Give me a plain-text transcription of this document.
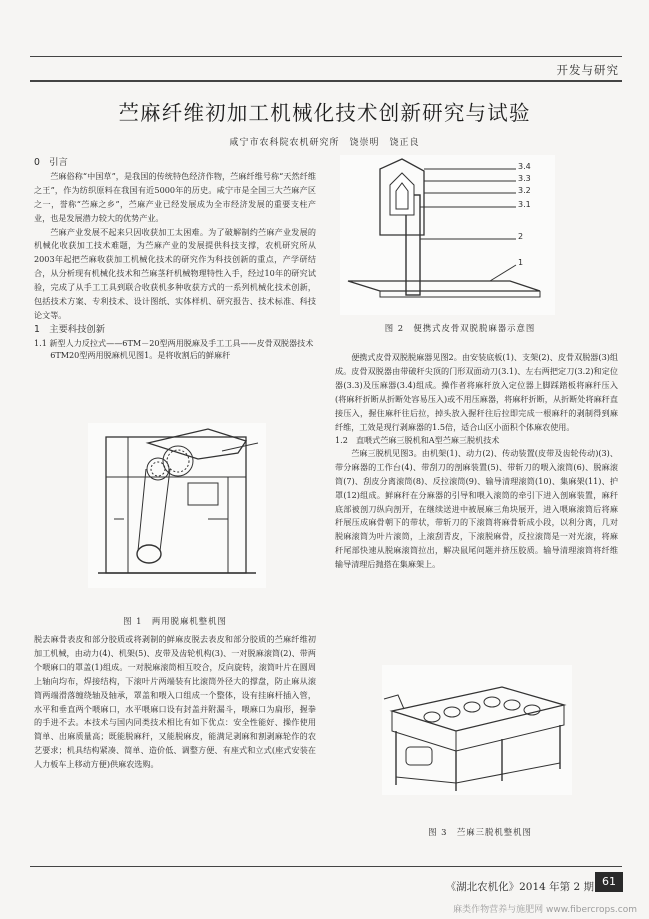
开发与研究
苎麻纤维初加工机械化技术创新研究与试验
咸宁市农科院农机研究所　饶崇明　饶正良
0　引言

苎麻俗称“中国草”，是我国的传统特色经济作物，苎麻纤维号称“天然纤维之王”，作为纺织原料在我国有近5000年的历史。咸宁市是全国三大苎麻产区之一，誉称“苎麻之乡”，苎麻产业已经发展成为全市经济发展的重要支柱产业，也是发展潜力较大的优势产业。

苎麻产业发展不起来只因收获加工太困难。为了破解制约苎麻产业发展的机械化收获加工技术难题，为苎麻产业的发展提供科技支撑，农机研究所从2003年起把苎麻收获加工机械化技术的研究作为科技创新的重点，产学研结合，从分析现有机械化技术和苎麻茎秆机械物理特性入手，经过10年的研究试验，完成了从手工工具到联合收获机多种收获方式的一系列机械化技术创新，包括技术方案、专利技术、设计图纸、实体样机、研究报告、技术标准、科技论文等。

1　主要科技创新
1.1 新型人力反拉式——6TM－20型两用脱麻及手工工具——皮骨双脱器技术

6TM20型两用脱麻机见图1。是将收割后的鲜麻秆

图 1　两用脱麻机整机图

脱去麻骨表皮和部分胶质或将剥制的鲜麻皮脱去表皮和部分胶质的苎麻纤维初加工机械，由动力(4)、机架(5)、皮带及齿轮机构(3)、一对脱麻滚筒(2)、带两个喂麻口的罩盖(1)组成。一对脱麻滚筒相互咬合，反向旋转，滚筒叶片在圆周上轴向均布，焊接结构，下滚叶片两端装有比滚筒外径大的撑盘，防止麻从滚筒两端滑落缠绕轴及轴承，罩盖和喂入口组成一个整体，设有挂麻杆插入管，水平和垂直两个喂麻口，水平喂麻口设有封盖并附漏斗，喂麻口为扁形，握拳的手进不去。本技术与国内同类技术相比有如下优点：安全性能好、操作使用简单、出麻质量高；既能脱麻秆，又能脱麻皮，能满足剥麻和割剥麻轮作的农艺要求；机具结构紧凑、简单、造价低、调整方便、有座式和立式(座式安装在人力板车上移动方便)供麻农选购。

3.4
3.3
3.2
3.1
2
1
图 2　便携式皮骨双脱脱麻器示意图

便携式皮骨双脱脱麻器见图2。由安装底板(1)、支架(2)、皮骨双脱器(3)组成。皮骨双脱器由带破秆尖顶的门形双面动刀(3.1)、左右两把定刀(3.2)和定位器(3.3)及压麻器(3.4)组成。操作者将麻秆放入定位器上脚踩踏板将麻秆压入(将麻秆折断从折断处容易压入)或不用压麻器，将麻秆折断，从折断处将麻秆直接压入，握住麻秆往后拉，掉头放入握秆往后拉即完成一根麻秆的剥制得到麻纤维，工效是现行剥麻器的1.5倍，适合山区小面积个体麻农使用。

1.2　直喂式苎麻三脱机和A型苎麻三脱机技术

苎麻三脱机见图3。由机架(1)、动力(2)、传动装置(皮带及齿轮传动)(3)、带分麻器的工作台(4)、带刮刀的剖麻装置(5)、带斩刀的喂入滚筒(6)、脱麻滚筒(7)、刮皮分离滚筒(8)、反拉滚筒(9)、输导清理滚筒(10)、集麻架(11)、护罩(12)组成。鲜麻秆在分麻器的引导和喂入滚筒的牵引下进入剖麻装置，麻秆底部被剖刀纵向剖开，在继续送进中被展麻三角块展开，进入喂麻滚筒后将麻秆展压成麻骨朝下的带状，带斩刀的下滚筒将麻骨斩成小段，以利分离，几对脱麻滚筒为叶片滚筒，上滚刮青皮，下滚脱麻骨，反拉滚筒是一对光滚，将麻秆尾部快速从脱麻滚筒拉出，解决鼠尾问题并挤压胶质。输导清理滚筒将纤维输导清理后抛搭在集麻架上。

图 3　苎麻三脱机整机图
《湖北农机化》2014 年第 2 期 61
麻类作物营养与施肥网 www.fibercrops.com
